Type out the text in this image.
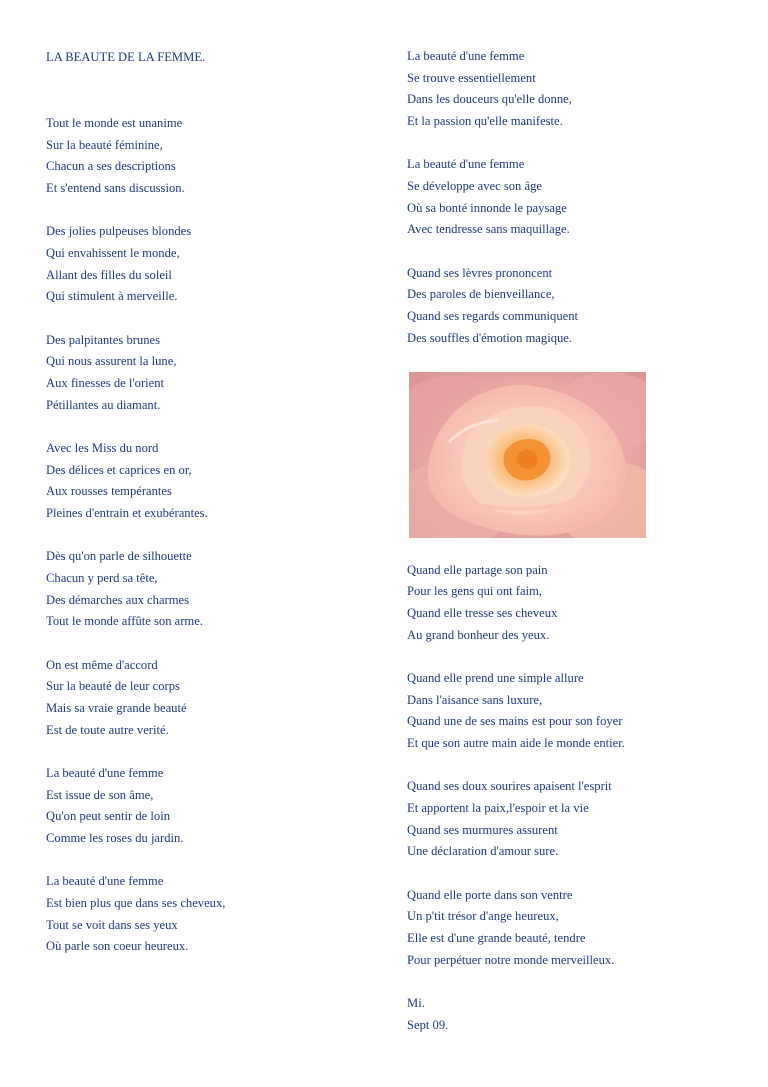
LA BEAUTE DE LA FEMME.
Tout le monde est unanime
Sur la beauté féminine,
Chacun a ses descriptions
Et s'entend sans discussion.
Des jolies pulpeuses blondes
Qui envahissent le monde,
Allant des filles du soleil
Qui stimulent à merveille.
Des palpitantes brunes
Qui nous assurent la lune,
Aux finesses de l'orient
Pétillantes au diamant.
Avec les Miss du nord
Des délices et caprices en or,
Aux rousses tempérantes
Pleines d'entrain et exubérantes.
Dès qu'on parle de silhouette
Chacun y perd sa tête,
Des démarches aux charmes
Tout le monde affûte son arme.
On est même d'accord
Sur la beauté de leur corps
Mais sa vraie grande beauté
Est de toute autre verité.
La beauté d'une femme
Est issue de son âme,
Qu'on peut sentir de loin
Comme les roses du jardin.
La beauté d'une femme
Est bien plus que dans ses cheveux,
Tout se voit dans ses yeux
Où parle son coeur heureux.
La beauté d'une femme
Se trouve essentiellement
Dans les douceurs qu'elle donne,
Et la passion qu'elle manifeste.
La beauté d'une femme
Se développe avec son âge
Où sa bonté innonde le paysage
Avec tendresse sans maquillage.
Quand ses lèvres prononcent
Des paroles de bienveillance,
Quand ses regards communiquent
Des souffles d'émotion magique.
Quand elle partage son pain
Pour les gens qui ont faim,
Quand elle tresse ses cheveux
Au grand bonheur des yeux.
Quand elle prend une simple allure
Dans l'aisance sans luxure,
Quand une de ses mains est pour son foyer
Et que son autre main aide le monde entier.
Quand ses doux sourires apaisent l'esprit
Et apportent la paix,l'espoir et la vie
Quand ses murmures assurent
Une déclaration d'amour sure.
Quand elle porte dans son ventre
Un p'tit trésor d'ange heureux,
Elle est d'une grande beauté, tendre
Pour perpétuer notre monde merveilleux.
Mi.
Sept 09.
